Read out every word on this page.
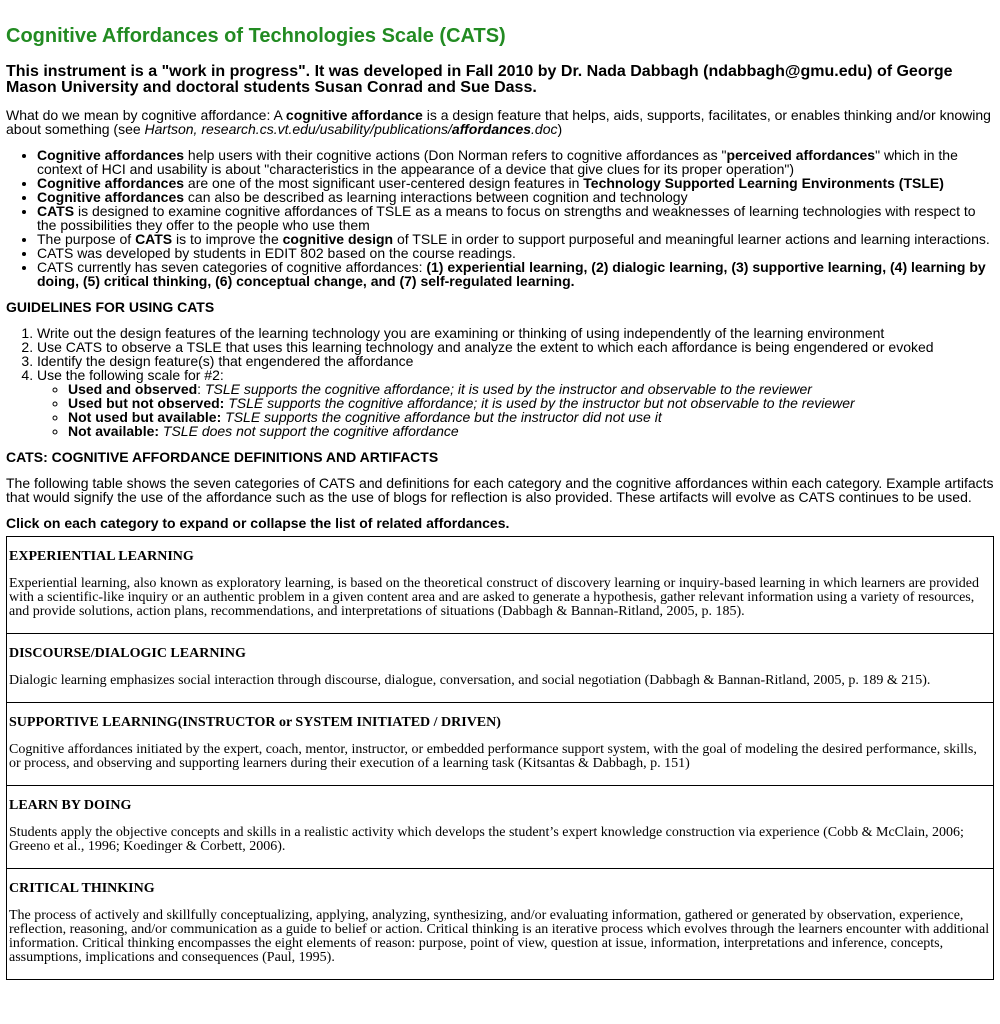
Cognitive Affordances of Technologies Scale (CATS)

This instrument is a "work in progress". It was developed in Fall 2010 by Dr. Nada Dabbagh (ndabbagh@gmu.edu) of George Mason University and doctoral students Susan Conrad and Sue Dass.

What do we mean by cognitive affordance: A cognitive affordance is a design feature that helps, aids, supports, facilitates, or enables thinking and/or knowing about something (see Hartson, research.cs.vt.edu/usability/publications/affordances.doc)

• Cognitive affordances help users with their cognitive actions (Don Norman refers to cognitive affordances as "perceived affordances" which in the context of HCI and usability is about "characteristics in the appearance of a device that give clues for its proper operation")
• Cognitive affordances are one of the most significant user-centered design features in Technology Supported Learning Environments (TSLE)
• Cognitive affordances can also be described as learning interactions between cognition and technology
• CATS is designed to examine cognitive affordances of TSLE as a means to focus on strengths and weaknesses of learning technologies with respect to the possibilities they offer to the people who use them
• The purpose of CATS is to improve the cognitive design of TSLE in order to support purposeful and meaningful learner actions and learning interactions.
• CATS was developed by students in EDIT 802 based on the course readings.
• CATS currently has seven categories of cognitive affordances: (1) experiential learning, (2) dialogic learning, (3) supportive learning, (4) learning by doing, (5) critical thinking, (6) conceptual change, and (7) self-regulated learning.
GUIDELINES FOR USING CATS
1. Write out the design features of the learning technology you are examining or thinking of using independently of the learning environment
2. Use CATS to observe a TSLE that uses this learning technology and analyze the extent to which each affordance is being engendered or evoked
3. Identify the design feature(s) that engendered the affordance
4. Use the following scale for #2:
◦ Used and observed: TSLE supports the cognitive affordance; it is used by the instructor and observable to the reviewer
◦ Used but not observed: TSLE supports the cognitive affordance; it is used by the instructor but not observable to the reviewer
◦ Not used but available: TSLE supports the cognitive affordance but the instructor did not use it
◦ Not available: TSLE does not support the cognitive affordance
CATS: COGNITIVE AFFORDANCE DEFINITIONS AND ARTIFACTS

The following table shows the seven categories of CATS and definitions for each category and the cognitive affordances within each category. Example artifacts that would signify the use of the affordance such as the use of blogs for reflection is also provided. These artifacts will evolve as CATS continues to be used.

Click on each category to expand or collapse the list of related affordances.

EXPERIENTIAL LEARNING

Experiential learning, also known as exploratory learning, is based on the theoretical construct of discovery learning or inquiry-based learning in which learners are provided with a scientific-like inquiry or an authentic problem in a given content area and are asked to generate a hypothesis, gather relevant information using a variety of resources, and provide solutions, action plans, recommendations, and interpretations of situations (Dabbagh & Bannan-Ritland, 2005, p. 185).

DISCOURSE/DIALOGIC LEARNING

Dialogic learning emphasizes social interaction through discourse, dialogue, conversation, and social negotiation (Dabbagh & Bannan-Ritland, 2005, p. 189 & 215).

SUPPORTIVE LEARNING(INSTRUCTOR or SYSTEM INITIATED / DRIVEN)

Cognitive affordances initiated by the expert, coach, mentor, instructor, or embedded performance support system, with the goal of modeling the desired performance, skills, or process, and observing and supporting learners during their execution of a learning task (Kitsantas & Dabbagh, p. 151)

LEARN BY DOING

Students apply the objective concepts and skills in a realistic activity which develops the student’s expert knowledge construction via experience (Cobb & McClain, 2006; Greeno et al., 1996; Koedinger & Corbett, 2006).

CRITICAL THINKING

The process of actively and skillfully conceptualizing, applying, analyzing, synthesizing, and/or evaluating information, gathered or generated by observation, experience, reflection, reasoning, and/or communication as a guide to belief or action. Critical thinking is an iterative process which evolves through the learners encounter with additional information. Critical thinking encompasses the eight elements of reason: purpose, point of view, question at issue, information, interpretations and inference, concepts, assumptions, implications and consequences (Paul, 1995).
